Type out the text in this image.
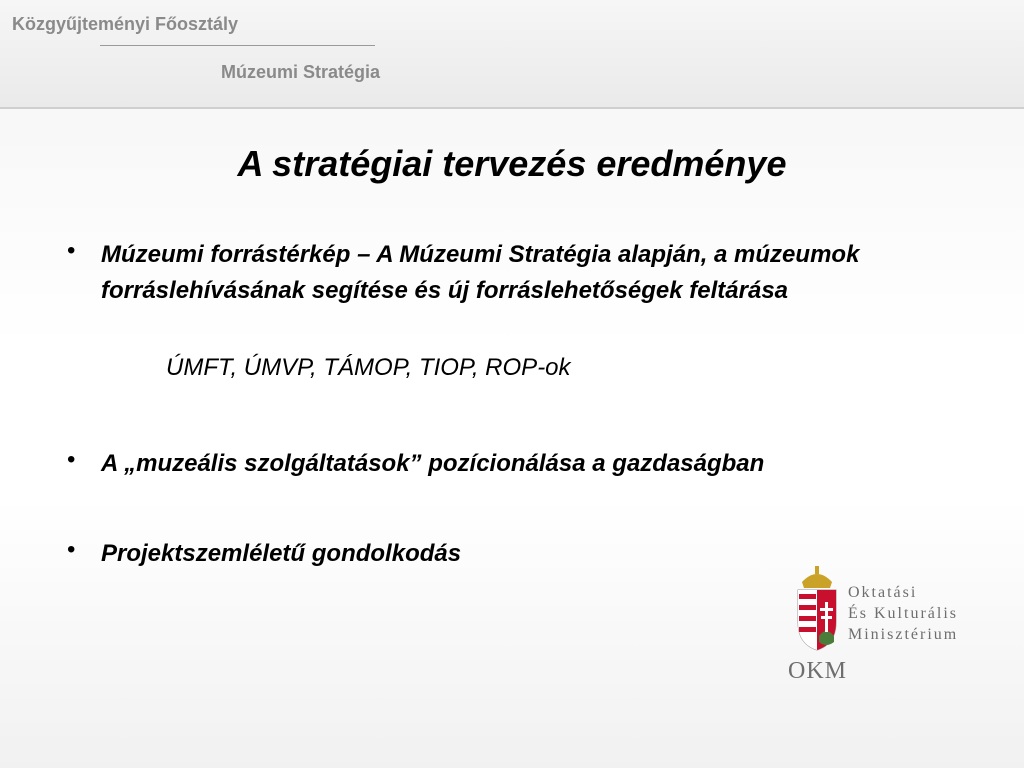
Közgyűjteményi Főosztály
Múzeumi Stratégia
A stratégiai tervezés eredménye
• Múzeumi forrástérkép – A Múzeumi Stratégia alapján, a múzeumok forráslehívásának segítése és új forráslehetőségek feltárása
ÚMFT, ÚMVP, TÁMOP, TIOP, ROP-ok
• A „muzeális szolgáltatások” pozícionálása a gazdaságban
• Projektszemléletű gondolkodás
Oktatási
És Kulturális
Minisztérium
OKM
